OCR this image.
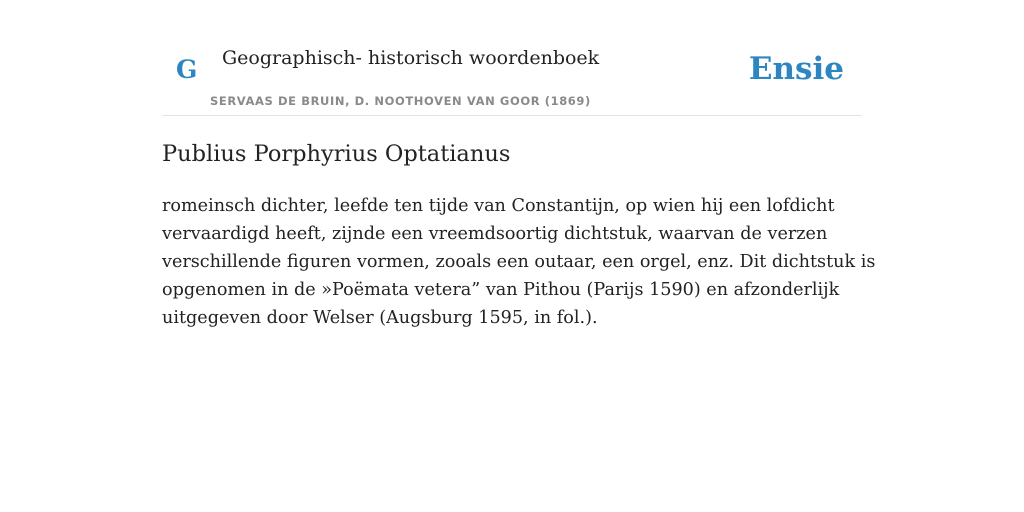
G Geographisch- historisch woordenboek
SERVAAS DE BRUIN, D. NOOTHOVEN VAN GOOR (1869)
Ensie
Publius Porphyrius Optatianus
romeinsch dichter, leefde ten tijde van Constantijn, op wien hij een lofdicht
vervaardigd heeft, zijnde een vreemdsoortig dichtstuk, waarvan de verzen
verschillende figuren vormen, zooals een outaar, een orgel, enz. Dit dichtstuk is
opgenomen in de »Poëmata vetera” van Pithou (Parijs 1590) en afzonderlijk
uitgegeven door Welser (Augsburg 1595, in fol.).
